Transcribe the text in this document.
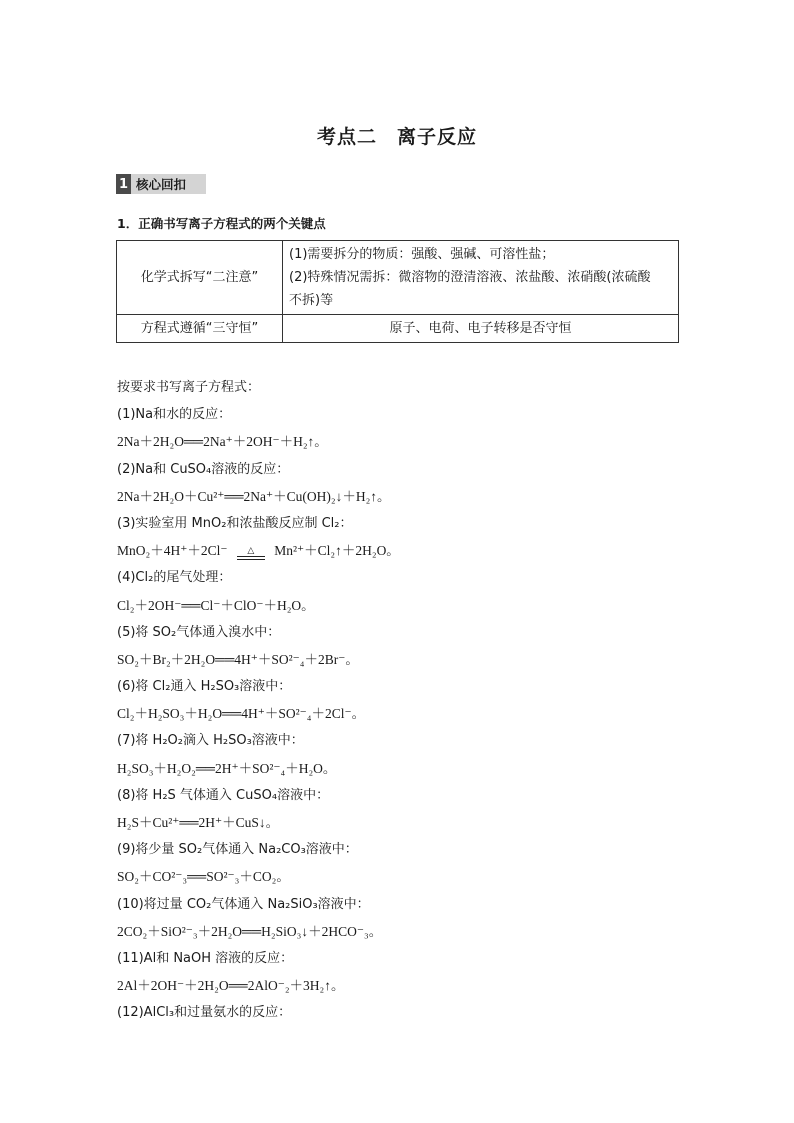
考点二　离子反应
1 核心回扣
1．正确书写离子方程式的两个关键点
化学式拆写“二注意”	(1)需要拆分的物质：强酸、强碱、可溶性盐；
(2)特殊情况需拆：微溶物的澄清溶液、浓盐酸、浓硝酸(浓硫酸
不拆)等

方程式遵循“三守恒”	原子、电荷、电子转移是否守恒
按要求书写离子方程式：
(1)Na和水的反应：
2Na＋2H₂O══2Na⁺＋2OH⁻＋H₂↑。
(2)Na和 CuSO₄溶液的反应：
2Na＋2H₂O＋Cu²⁺══2Na⁺＋Cu(OH)₂↓＋H₂↑。
(3)实验室用 MnO₂和浓盐酸反应制 Cl₂：
MnO₂＋4H⁺＋2Cl⁻ △ Mn²⁺＋Cl₂↑＋2H₂O。
(4)Cl₂的尾气处理：
Cl₂＋2OH⁻══Cl⁻＋ClO⁻＋H₂O。
(5)将 SO₂气体通入溴水中：
SO₂＋Br₂＋2H₂O══4H⁺＋SO²⁻₄＋2Br⁻。
(6)将 Cl₂通入 H₂SO₃溶液中：
Cl₂＋H₂SO₃＋H₂O══4H⁺＋SO²⁻₄＋2Cl⁻。
(7)将 H₂O₂滴入 H₂SO₃溶液中：
H₂SO₃＋H₂O₂══2H⁺＋SO²⁻₄＋H₂O。
(8)将 H₂S 气体通入 CuSO₄溶液中：
H₂S＋Cu²⁺══2H⁺＋CuS↓。
(9)将少量 SO₂气体通入 Na₂CO₃溶液中：
SO₂＋CO²⁻₃══SO²⁻₃＋CO₂。
(10)将过量 CO₂气体通入 Na₂SiO₃溶液中：
2CO₂＋SiO²⁻₃＋2H₂O══H₂SiO₃↓＋2HCO⁻₃。
(11)Al和 NaOH 溶液的反应：
2Al＋2OH⁻＋2H₂O══2AlO⁻₂＋3H₂↑。
(12)AlCl₃和过量氨水的反应：
